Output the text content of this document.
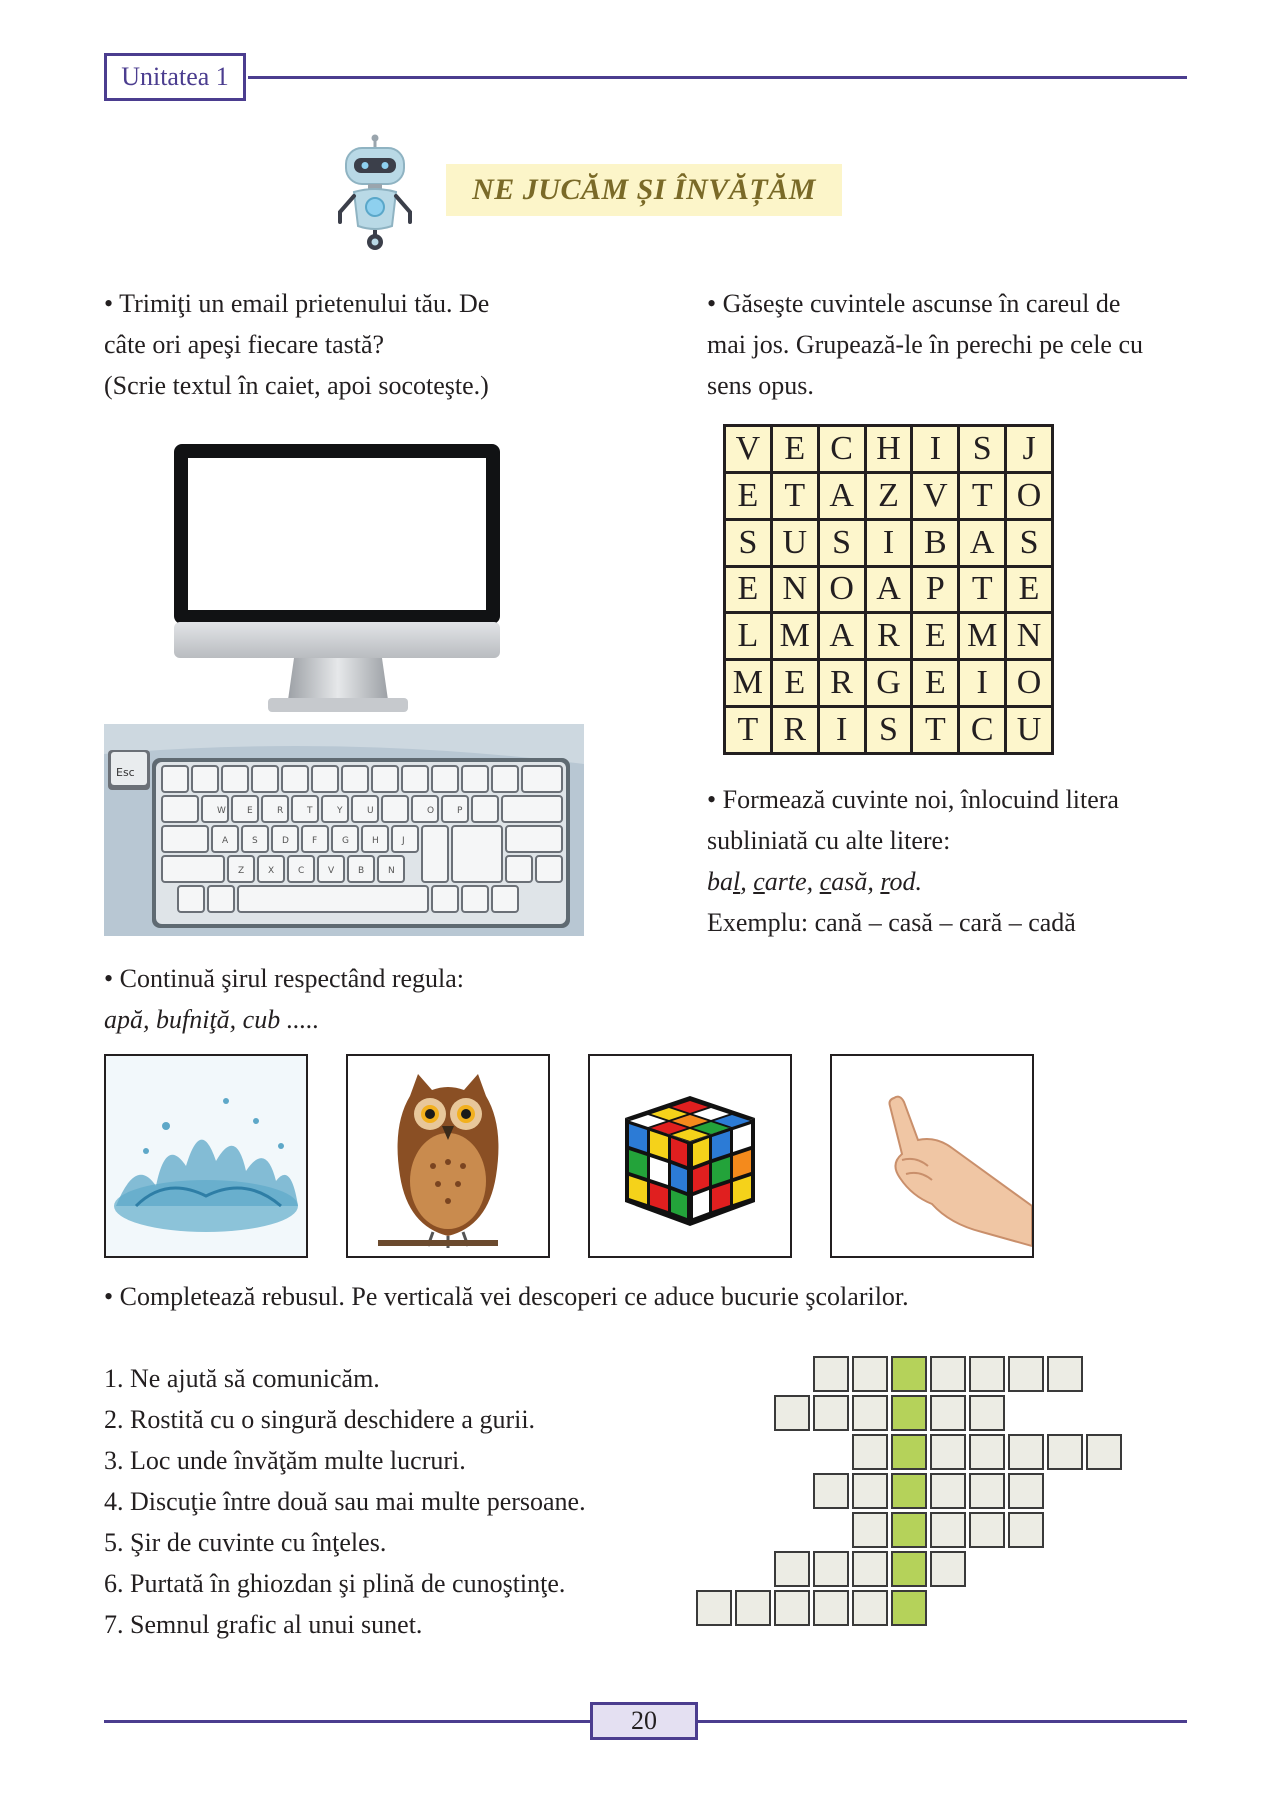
Unitatea 1
NE JUCĂM ȘI ÎNVĂȚĂM
• Trimiţi un email prietenului tău. De
câte ori apeşi fiecare tastă?
(Scrie textul în caiet, apoi socoteşte.)
Esc
W E	R	T	Y	U	O	P
A	S	D	F	G	H	J
Z	X	C	V	B	N
• Găseşte cuvintele ascunse în careul de
mai jos. Grupează-le în perechi pe cele cu
sens opus.
V E C H I S J
E T A Z V T O
S U S I B A S
E N O A P T E
L M A R E M N
M E R G E I O
T R I S T C U
• Formează cuvinte noi, înlocuind litera
subliniată cu alte litere:
bal, carte, casă, rod.
Exemplu: cană – casă – cară – cadă
• Continuă şirul respectând regula:
apă, bufniţă, cub .....
• Completează rebusul. Pe verticală vei descoperi ce aduce bucurie şcolarilor.
1. Ne ajută să comunicăm.
2. Rostită cu o singură deschidere a gurii.
3. Loc unde învăţăm multe lucruri.
4. Discuţie între două sau mai multe persoane.
5. Şir de cuvinte cu înţeles.
6. Purtată în ghiozdan şi plină de cunoştinţe.
7. Semnul grafic al unui sunet.
20
